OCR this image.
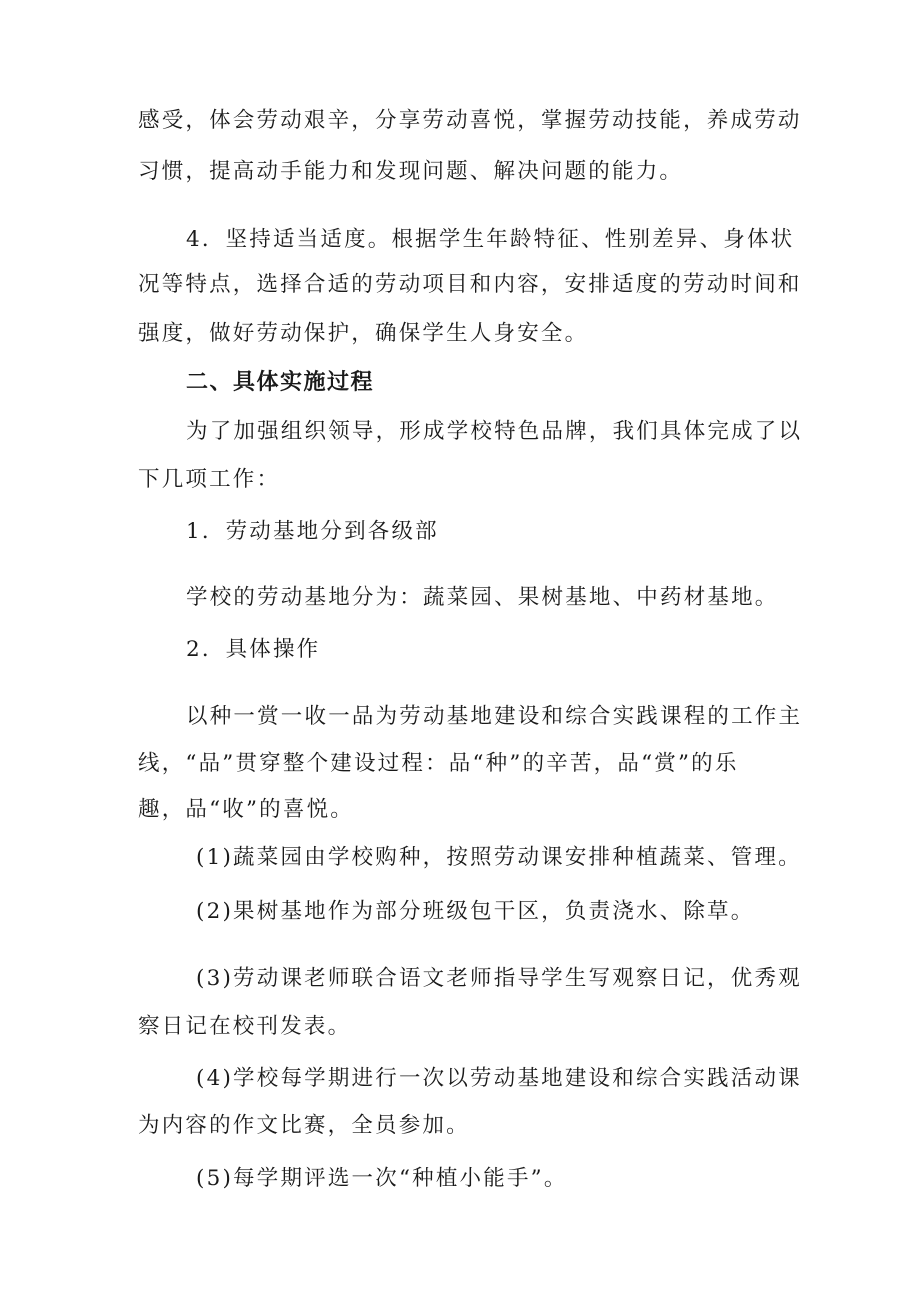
感受，体会劳动艰辛，分享劳动喜悦，掌握劳动技能，养成劳动
习惯，提高动手能力和发现问题、解决问题的能力。
4．坚持适当适度。根据学生年龄特征、性别差异、身体状
况等特点，选择合适的劳动项目和内容，安排适度的劳动时间和
强度，做好劳动保护，确保学生人身安全。
二、具体实施过程
为了加强组织领导，形成学校特色品牌，我们具体完成了以
下几项工作：
1．劳动基地分到各级部
学校的劳动基地分为：蔬菜园、果树基地、中药材基地。
2．具体操作
以种一赏一收一品为劳动基地建设和综合实践课程的工作主
线，“品”贯穿整个建设过程：品“种”的辛苦，品“赏”的乐
趣，品“收”的喜悦。
(1)蔬菜园由学校购种，按照劳动课安排种植蔬菜、管理。
(2)果树基地作为部分班级包干区，负责浇水、除草。
(3)劳动课老师联合语文老师指导学生写观察日记，优秀观
察日记在校刊发表。
(4)学校每学期进行一次以劳动基地建设和综合实践活动课
为内容的作文比赛，全员参加。
(5)每学期评选一次“种植小能手”。
